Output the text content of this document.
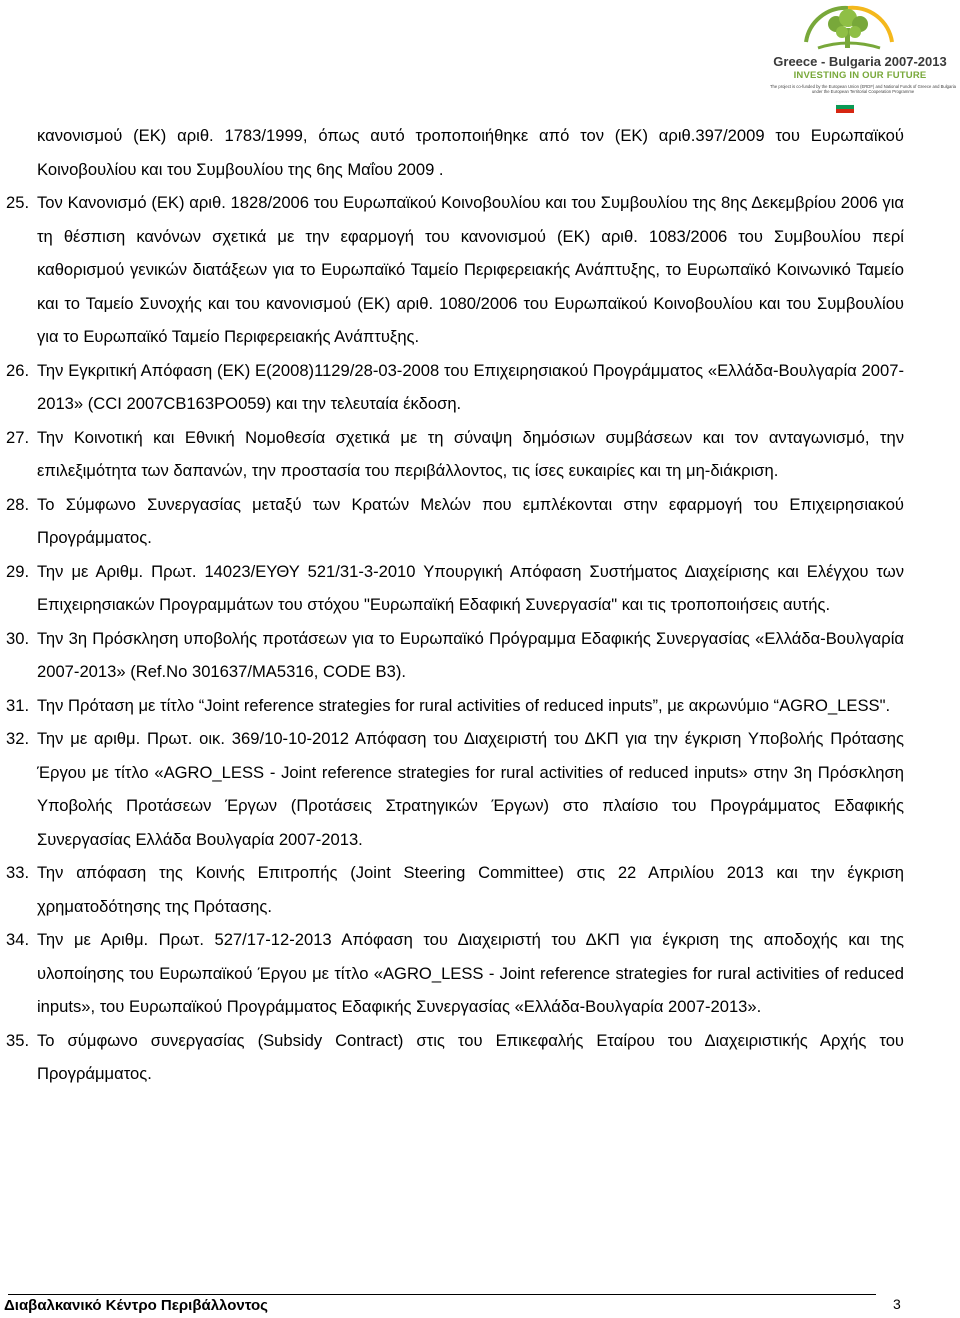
Greece - Bulgaria 2007-2013
INVESTING IN OUR FUTURE
The project is co-funded by the European Union (ERDF) and National Funds of Greece and Bulgaria under the European Territorial Cooperation Programme

κανονισμού (ΕΚ) αριθ. 1783/1999, όπως αυτό τροποποιήθηκε από τον (ΕΚ) αριθ.397/2009 του Ευρωπαϊκού Κοινοβουλίου και του Συμβουλίου της 6ης Μαΐου 2009 .

25. Τον Κανονισμό (ΕΚ) αριθ. 1828/2006 του Ευρωπαϊκού Κοινοβουλίου και του Συμβουλίου της 8ης Δεκεμβρίου 2006 για τη θέσπιση κανόνων σχετικά με την εφαρμογή του κανονισμού (ΕΚ) αριθ. 1083/2006 του Συμβουλίου περί καθορισμού γενικών διατάξεων για το Ευρωπαϊκό Ταμείο Περιφερειακής Ανάπτυξης, το Ευρωπαϊκό Κοινωνικό Ταμείο και το Ταμείο Συνοχής και του κανονισμού (ΕΚ) αριθ. 1080/2006 του Ευρωπαϊκού Κοινοβουλίου και του Συμβουλίου για το Ευρωπαϊκό Ταμείο Περιφερειακής Ανάπτυξης.
26. Την Εγκριτική Απόφαση (ΕΚ) Ε(2008)1129/28-03-2008 του Επιχειρησιακού Προγράμματος «Ελλάδα-Βουλγαρία 2007-2013» (CCI 2007CB163PO059) και την τελευταία έκδοση.
27. Την Κοινοτική και Εθνική Νομοθεσία σχετικά με τη σύναψη δημόσιων συμβάσεων και τον ανταγωνισμό, την επιλεξιμότητα των δαπανών, την προστασία του περιβάλλοντος, τις ίσες ευκαιρίες και τη μη-διάκριση.
28. Το Σύμφωνο Συνεργασίας μεταξύ των Κρατών Μελών που εμπλέκονται στην εφαρμογή του Επιχειρησιακού Προγράμματος.
29. Την με Αριθμ. Πρωτ. 14023/ΕΥΘΥ 521/31-3-2010 Υπουργική Απόφαση Συστήματος Διαχείρισης και Ελέγχου των Επιχειρησιακών Προγραμμάτων του στόχου "Ευρωπαϊκή Εδαφική Συνεργασία" και τις τροποποιήσεις αυτής.
30. Την 3η Πρόσκληση υποβολής προτάσεων για το Ευρωπαϊκό Πρόγραμμα Εδαφικής Συνεργασίας «Ελλάδα-Βουλγαρία 2007-2013» (Ref.No 301637/ΜΑ5316, CODE B3).
31. Την Πρόταση με τίτλο “Joint reference strategies for rural activities of reduced inputs”, με ακρωνύμιο “AGRO_LESS".
32. Την με αριθμ. Πρωτ. οικ. 369/10-10-2012 Απόφαση του Διαχειριστή του ΔΚΠ για την έγκριση Υποβολής Πρότασης Έργου με τίτλο «AGRO_LESS - Joint reference strategies for rural activities of reduced inputs» στην 3η Πρόσκληση Υποβολής Προτάσεων Έργων (Προτάσεις Στρατηγικών Έργων) στο πλαίσιο του Προγράμματος Εδαφικής Συνεργασίας Ελλάδα Βουλγαρία 2007-2013.
33. Την απόφαση της Κοινής Επιτροπής (Joint Steering Committee) στις 22 Απριλίου 2013 και την έγκριση χρηματοδότησης της Πρότασης.
34. Την με Αριθμ. Πρωτ. 527/17-12-2013 Απόφαση του Διαχειριστή του ΔΚΠ για έγκριση της αποδοχής και της υλοποίησης του Ευρωπαϊκού Έργου με τίτλο «AGRO_LESS - Joint reference strategies for rural activities of reduced inputs», του Ευρωπαϊκού Προγράμματος Εδαφικής Συνεργασίας «Ελλάδα-Βουλγαρία 2007-2013».
35. Το σύμφωνο συνεργασίας (Subsidy Contract) στις του Επικεφαλής Εταίρου του Διαχειριστικής Αρχής του Προγράμματος.
Διαβαλκανικό Κέντρο Περιβάλλοντος	3
